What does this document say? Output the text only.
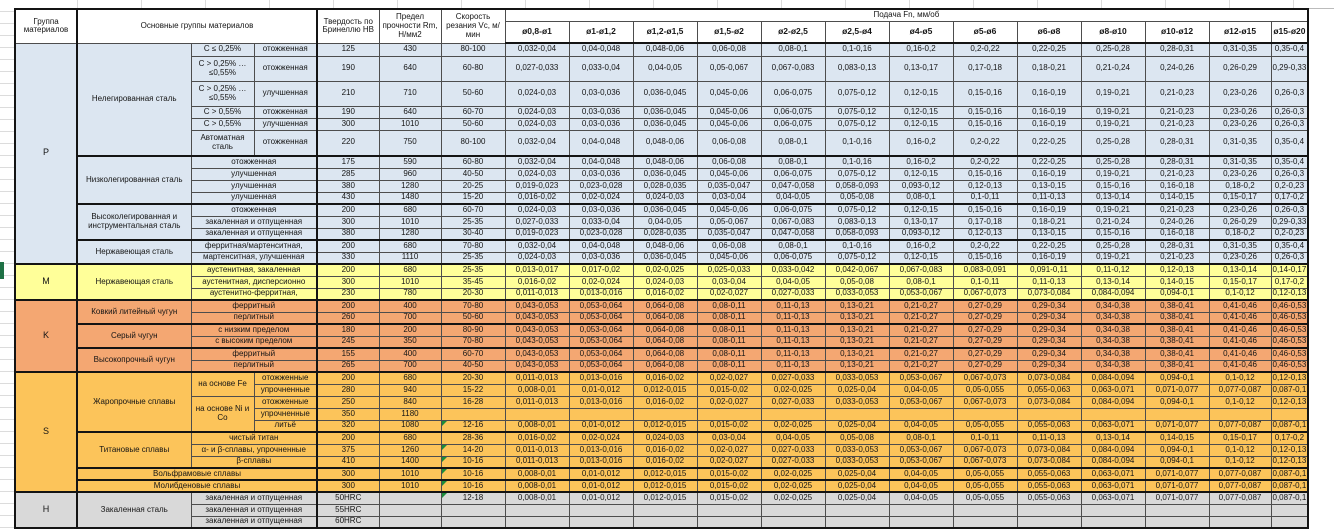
Группа материалов	Основные группы материалов			Твердость по Бринеллю HB	Предел прочности Rm, Н/мм2	Скорость резания Vc, м/мин	Подача Fn, мм/об												
							ø0,8-ø1	ø1-ø1,2	ø1,2-ø1,5	ø1,5-ø2	ø2-ø2,5	ø2,5-ø4	ø4-ø5	ø5-ø6	ø6-ø8	ø8-ø10	ø10-ø12	ø12-ø15	ø15-ø20
P	Нелегированная сталь	C ≤ 0,25%	отожженная	125	430	80-100	0,032-0,04	0,04-0,048	0,048-0,06	0,06-0,08	0,08-0,1	0,1-0,16	0,16-0,2	0,2-0,22	0,22-0,25	0,25-0,28	0,28-0,31	0,31-0,35	0,35-0,4
		C > 0,25% … ≤0,55%	отожженная	190	640	60-80	0,027-0,033	0,033-0,04	0,04-0,05	0,05-0,067	0,067-0,083	0,083-0,13	0,13-0,17	0,17-0,18	0,18-0,21	0,21-0,24	0,24-0,26	0,26-0,29	0,29-0,33
		C > 0,25% … ≤0,55%	улучшенная	210	710	50-60	0,024-0,03	0,03-0,036	0,036-0,045	0,045-0,06	0,06-0,075	0,075-0,12	0,12-0,15	0,15-0,16	0,16-0,19	0,19-0,21	0,21-0,23	0,23-0,26	0,26-0,3
		C > 0,55%	отожженная	190	640	60-70	0,024-0,03	0,03-0,036	0,036-0,045	0,045-0,06	0,06-0,075	0,075-0,12	0,12-0,15	0,15-0,16	0,16-0,19	0,19-0,21	0,21-0,23	0,23-0,26	0,26-0,3
		C > 0,55%	улучшенная	300	1010	50-60	0,024-0,03	0,03-0,036	0,036-0,045	0,045-0,06	0,06-0,075	0,075-0,12	0,12-0,15	0,15-0,16	0,16-0,19	0,19-0,21	0,21-0,23	0,23-0,26	0,26-0,3
		Автоматная сталь	отожженная	220	750	80-100	0,032-0,04	0,04-0,048	0,048-0,06	0,06-0,08	0,08-0,1	0,1-0,16	0,16-0,2	0,2-0,22	0,22-0,25	0,25-0,28	0,28-0,31	0,31-0,35	0,35-0,4
	Низколегированная сталь	отожженная		175	590	60-80	0,032-0,04	0,04-0,048	0,048-0,06	0,06-0,08	0,08-0,1	0,1-0,16	0,16-0,2	0,2-0,22	0,22-0,25	0,25-0,28	0,28-0,31	0,31-0,35	0,35-0,4
		улучшенная		285	960	40-50	0,024-0,03	0,03-0,036	0,036-0,045	0,045-0,06	0,06-0,075	0,075-0,12	0,12-0,15	0,15-0,16	0,16-0,19	0,19-0,21	0,21-0,23	0,23-0,26	0,26-0,3
		улучшенная		380	1280	20-25	0,019-0,023	0,023-0,028	0,028-0,035	0,035-0,047	0,047-0,058	0,058-0,093	0,093-0,12	0,12-0,13	0,13-0,15	0,15-0,16	0,16-0,18	0,18-0,2	0,2-0,23
		улучшенная		430	1480	15-20	0,016-0,02	0,02-0,024	0,024-0,03	0,03-0,04	0,04-0,05	0,05-0,08	0,08-0,1	0,1-0,11	0,11-0,13	0,13-0,14	0,14-0,15	0,15-0,17	0,17-0,2
	Высоколегированная и инструментальная сталь	отожженная		200	680	60-70	0,024-0,03	0,03-0,036	0,036-0,045	0,045-0,06	0,06-0,075	0,075-0,12	0,12-0,15	0,15-0,16	0,16-0,19	0,19-0,21	0,21-0,23	0,23-0,26	0,26-0,3
		закаленная и отпущенная		300	1010	25-35	0,027-0,033	0,033-0,04	0,04-0,05	0,05-0,067	0,067-0,083	0,083-0,13	0,13-0,17	0,17-0,18	0,18-0,21	0,21-0,24	0,24-0,26	0,26-0,29	0,29-0,33
		закаленная и отпущенная		380	1280	30-40	0,019-0,023	0,023-0,028	0,028-0,035	0,035-0,047	0,047-0,058	0,058-0,093	0,093-0,12	0,12-0,13	0,13-0,15	0,15-0,16	0,16-0,18	0,18-0,2	0,2-0,23
	Нержавеющая сталь	ферритная/мартенситная,		200	680	70-80	0,032-0,04	0,04-0,048	0,048-0,06	0,06-0,08	0,08-0,1	0,1-0,16	0,16-0,2	0,2-0,22	0,22-0,25	0,25-0,28	0,28-0,31	0,31-0,35	0,35-0,4
		мартенситная, улучшенная		330	1110	25-35	0,024-0,03	0,03-0,036	0,036-0,045	0,045-0,06	0,06-0,075	0,075-0,12	0,12-0,15	0,15-0,16	0,16-0,19	0,19-0,21	0,21-0,23	0,23-0,26	0,26-0,3
M	Нержавеющая сталь	аустенитная, закаленная		200	680	25-35	0,013-0,017	0,017-0,02	0,02-0,025	0,025-0,033	0,033-0,042	0,042-0,067	0,067-0,083	0,083-0,091	0,091-0,11	0,11-0,12	0,12-0,13	0,13-0,14	0,14-0,17
		аустенитная, дисперсионно		300	1010	35-45	0,016-0,02	0,02-0,024	0,024-0,03	0,03-0,04	0,04-0,05	0,05-0,08	0,08-0,1	0,1-0,11	0,11-0,13	0,13-0,14	0,14-0,15	0,15-0,17	0,17-0,2
		аустенитно-ферритная,		230	780	20-30	0,011-0,013	0,013-0,016	0,016-0,02	0,02-0,027	0,027-0,033	0,033-0,053	0,053-0,067	0,067-0,073	0,073-0,084	0,084-0,094	0,094-0,1	0,1-0,12	0,12-0,13
K	Ковкий литейный чугун	ферритный		200	400	70-80	0,043-0,053	0,053-0,064	0,064-0,08	0,08-0,11	0,11-0,13	0,13-0,21	0,21-0,27	0,27-0,29	0,29-0,34	0,34-0,38	0,38-0,41	0,41-0,46	0,46-0,53
		перлитный		260	700	50-60	0,043-0,053	0,053-0,064	0,064-0,08	0,08-0,11	0,11-0,13	0,13-0,21	0,21-0,27	0,27-0,29	0,29-0,34	0,34-0,38	0,38-0,41	0,41-0,46	0,46-0,53
	Серый чугун	с низким пределом		180	200	80-90	0,043-0,053	0,053-0,064	0,064-0,08	0,08-0,11	0,11-0,13	0,13-0,21	0,21-0,27	0,27-0,29	0,29-0,34	0,34-0,38	0,38-0,41	0,41-0,46	0,46-0,53
		с высоким пределом		245	350	70-80	0,043-0,053	0,053-0,064	0,064-0,08	0,08-0,11	0,11-0,13	0,13-0,21	0,21-0,27	0,27-0,29	0,29-0,34	0,34-0,38	0,38-0,41	0,41-0,46	0,46-0,53
	Высокопрочный чугун	ферритный		155	400	60-70	0,043-0,053	0,053-0,064	0,064-0,08	0,08-0,11	0,11-0,13	0,13-0,21	0,21-0,27	0,27-0,29	0,29-0,34	0,34-0,38	0,38-0,41	0,41-0,46	0,46-0,53
		перлитный		265	700	40-50	0,043-0,053	0,053-0,064	0,064-0,08	0,08-0,11	0,11-0,13	0,13-0,21	0,21-0,27	0,27-0,29	0,29-0,34	0,34-0,38	0,38-0,41	0,41-0,46	0,46-0,53
S	Жаропрочные сплавы	на основе Fe	отожженные	200	680	20-30	0,011-0,013	0,013-0,016	0,016-0,02	0,02-0,027	0,027-0,033	0,033-0,053	0,053-0,067	0,067-0,073	0,073-0,084	0,084-0,094	0,094-0,1	0,1-0,12	0,12-0,13
			упрочненные	280	940	15-22	0,008-0,01	0,01-0,012	0,012-0,015	0,015-0,02	0,02-0,025	0,025-0,04	0,04-0,05	0,05-0,055	0,055-0,063	0,063-0,071	0,071-0,077	0,077-0,087	0,087-0,1
		на основе Ni и Co	отожженные	250	840	16-28	0,011-0,013	0,013-0,016	0,016-0,02	0,02-0,027	0,027-0,033	0,033-0,053	0,053-0,067	0,067-0,073	0,073-0,084	0,084-0,094	0,094-0,1	0,1-0,12	0,12-0,13
			упрочненные	350	1180														
			литьё	320	1080	12-16	0,008-0,01	0,01-0,012	0,012-0,015	0,015-0,02	0,02-0,025	0,025-0,04	0,04-0,05	0,05-0,055	0,055-0,063	0,063-0,071	0,071-0,077	0,077-0,087	0,087-0,1
	Титановые сплавы	чистый титан		200	680	28-36	0,016-0,02	0,02-0,024	0,024-0,03	0,03-0,04	0,04-0,05	0,05-0,08	0,08-0,1	0,1-0,11	0,11-0,13	0,13-0,14	0,14-0,15	0,15-0,17	0,17-0,2
		α- и β-сплавы, упрочненные		375	1260	14-20	0,011-0,013	0,013-0,016	0,016-0,02	0,02-0,027	0,027-0,033	0,033-0,053	0,053-0,067	0,067-0,073	0,073-0,084	0,084-0,094	0,094-0,1	0,1-0,12	0,12-0,13
		β-сплавы		410	1400	10-16	0,011-0,013	0,013-0,016	0,016-0,02	0,02-0,027	0,027-0,033	0,033-0,053	0,053-0,067	0,067-0,073	0,073-0,084	0,084-0,094	0,094-0,1	0,1-0,12	0,12-0,13
	Вольфрамовые сплавы			300	1010	10-16	0,008-0,01	0,01-0,012	0,012-0,015	0,015-0,02	0,02-0,025	0,025-0,04	0,04-0,05	0,05-0,055	0,055-0,063	0,063-0,071	0,071-0,077	0,077-0,087	0,087-0,1
	Молибденовые сплавы			300	1010	10-16	0,008-0,01	0,01-0,012	0,012-0,015	0,015-0,02	0,02-0,025	0,025-0,04	0,04-0,05	0,05-0,055	0,055-0,063	0,063-0,071	0,071-0,077	0,077-0,087	0,087-0,1
H	Закаленная сталь	закаленная и отпущенная		50HRC		12-18	0,008-0,01	0,01-0,012	0,012-0,015	0,015-0,02	0,02-0,025	0,025-0,04	0,04-0,05	0,05-0,055	0,055-0,063	0,063-0,071	0,071-0,077	0,077-0,087	0,087-0,1
		закаленная и отпущенная		55HRC															
		закаленная и отпущенная		60HRC															
